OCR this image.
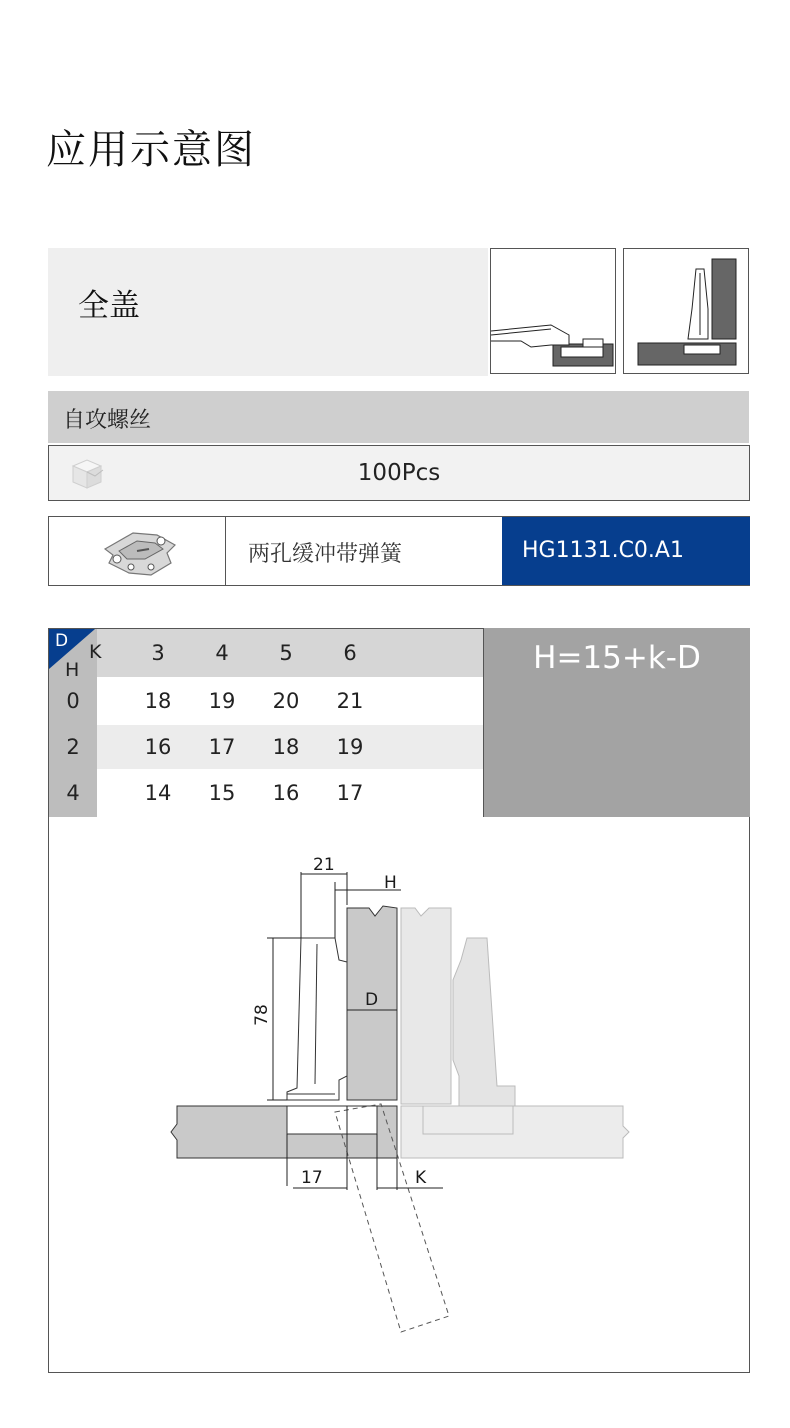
应用示意图
全盖
自攻螺丝
100Pcs
两孔缓冲带弹簧	HG1131.C0.A1
D K
H
3	4	5	6
0	18	19	20	21
2	16	17	18	19
4	14	15	16	17
H=15+k-D
21
H
78
D
17	K
